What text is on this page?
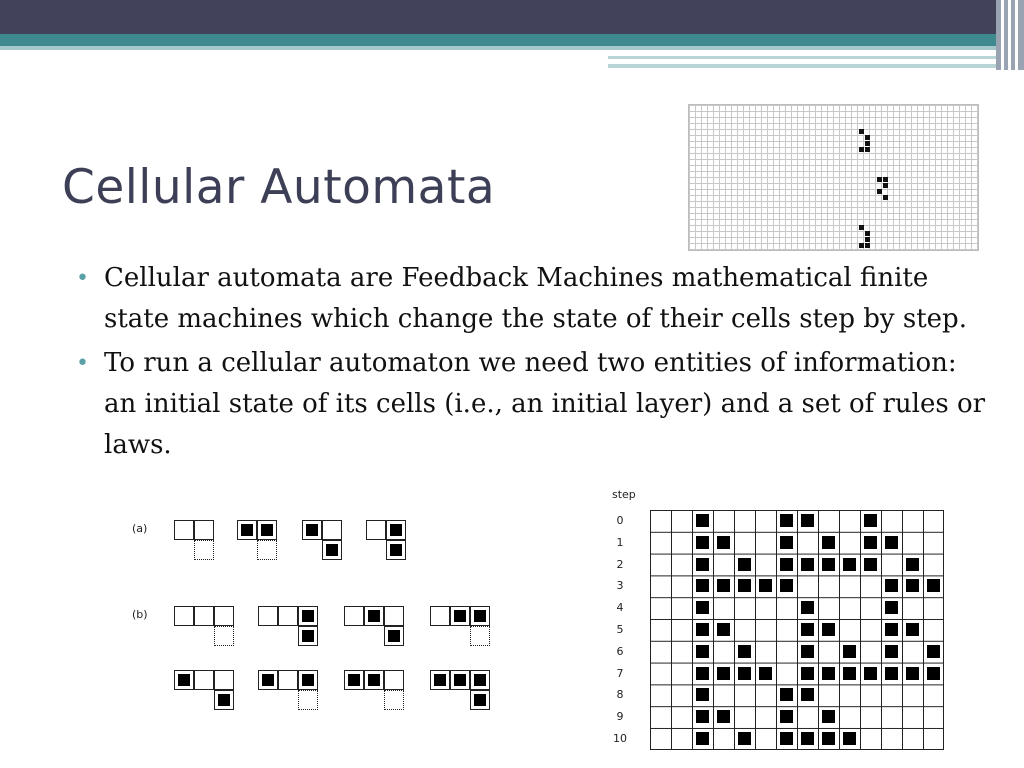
Cellular Automata
• Cellular automata are Feedback Machines mathematical finite state machines which change the state of their cells step by step.
• To run a cellular automaton we need two entities of information: an initial state of its cells (i.e., an initial layer) and a set of rules or laws.
(a)
(b)
step
0
1
2
3
4
5
6
7
8
9
10
